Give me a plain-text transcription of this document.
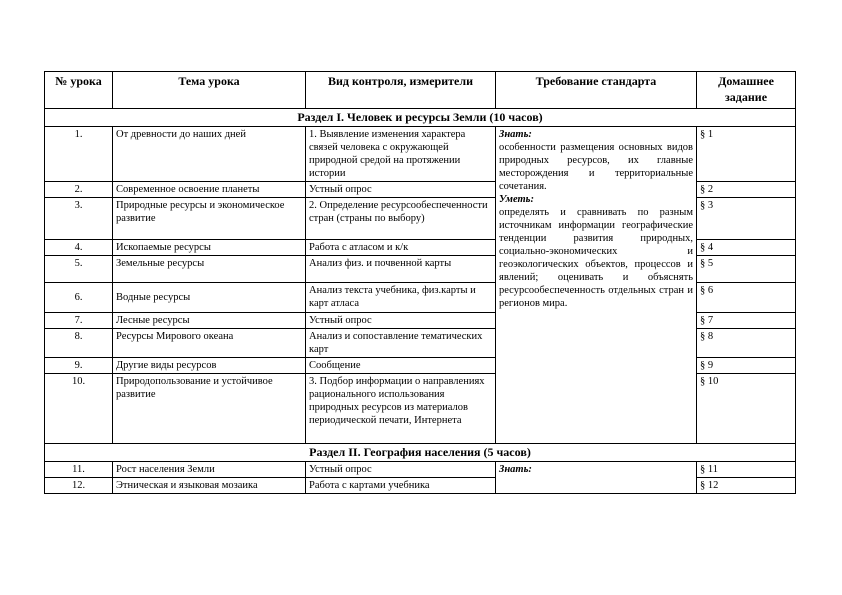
№ урока	Тема урока	Вид контроля, измерители	Требование стандарта	Домашнее задание
Раздел I. Человек и ресурсы Земли (10 часов)				
1.	От древности до наших дней	1. Выявление изменения характера связей человека с окружающей природной средой на протяжении истории	Знать:
особенности размещения основных видов природных ресурсов, их главные месторождения и территориальные сочетания.
Уметь:
определять и сравнивать по разным источникам информации географические тенденции развития природных, социально-экономических и геоэкологических объектов, процессов и явлений; оценивать и объяснять ресурсообеспеченность отдельных стран и регионов мира.	§ 1
2.	Современное освоение планеты	Устный опрос		§ 2
3.	Природные ресурсы и экономическое развитие	2. Определение ресурсообеспеченности стран (страны по выбору)		§ 3
4.	Ископаемые ресурсы	Работа с атласом и к/к		§ 4
5.	Земельные ресурсы	Анализ физ. и почвенной карты		§ 5
6.	Водные ресурсы	Анализ текста учебника, физ.карты и карт атласа		§ 6
7.	Лесные ресурсы	Устный опрос		§ 7
8.	Ресурсы Мирового океана	Анализ и сопоставление тематических карт		§ 8
9.	Другие виды ресурсов	Сообщение		§ 9
10.	Природопользование и устойчивое развитие	3. Подбор информации о направлениях рационального использования природных ресурсов из материалов периодической печати, Интернета		§ 10
Раздел II. География населения (5 часов)				
11.	Рост населения Земли	Устный опрос	Знать:	§ 11
12.	Этническая и языковая мозаика	Работа с картами учебника		§ 12
